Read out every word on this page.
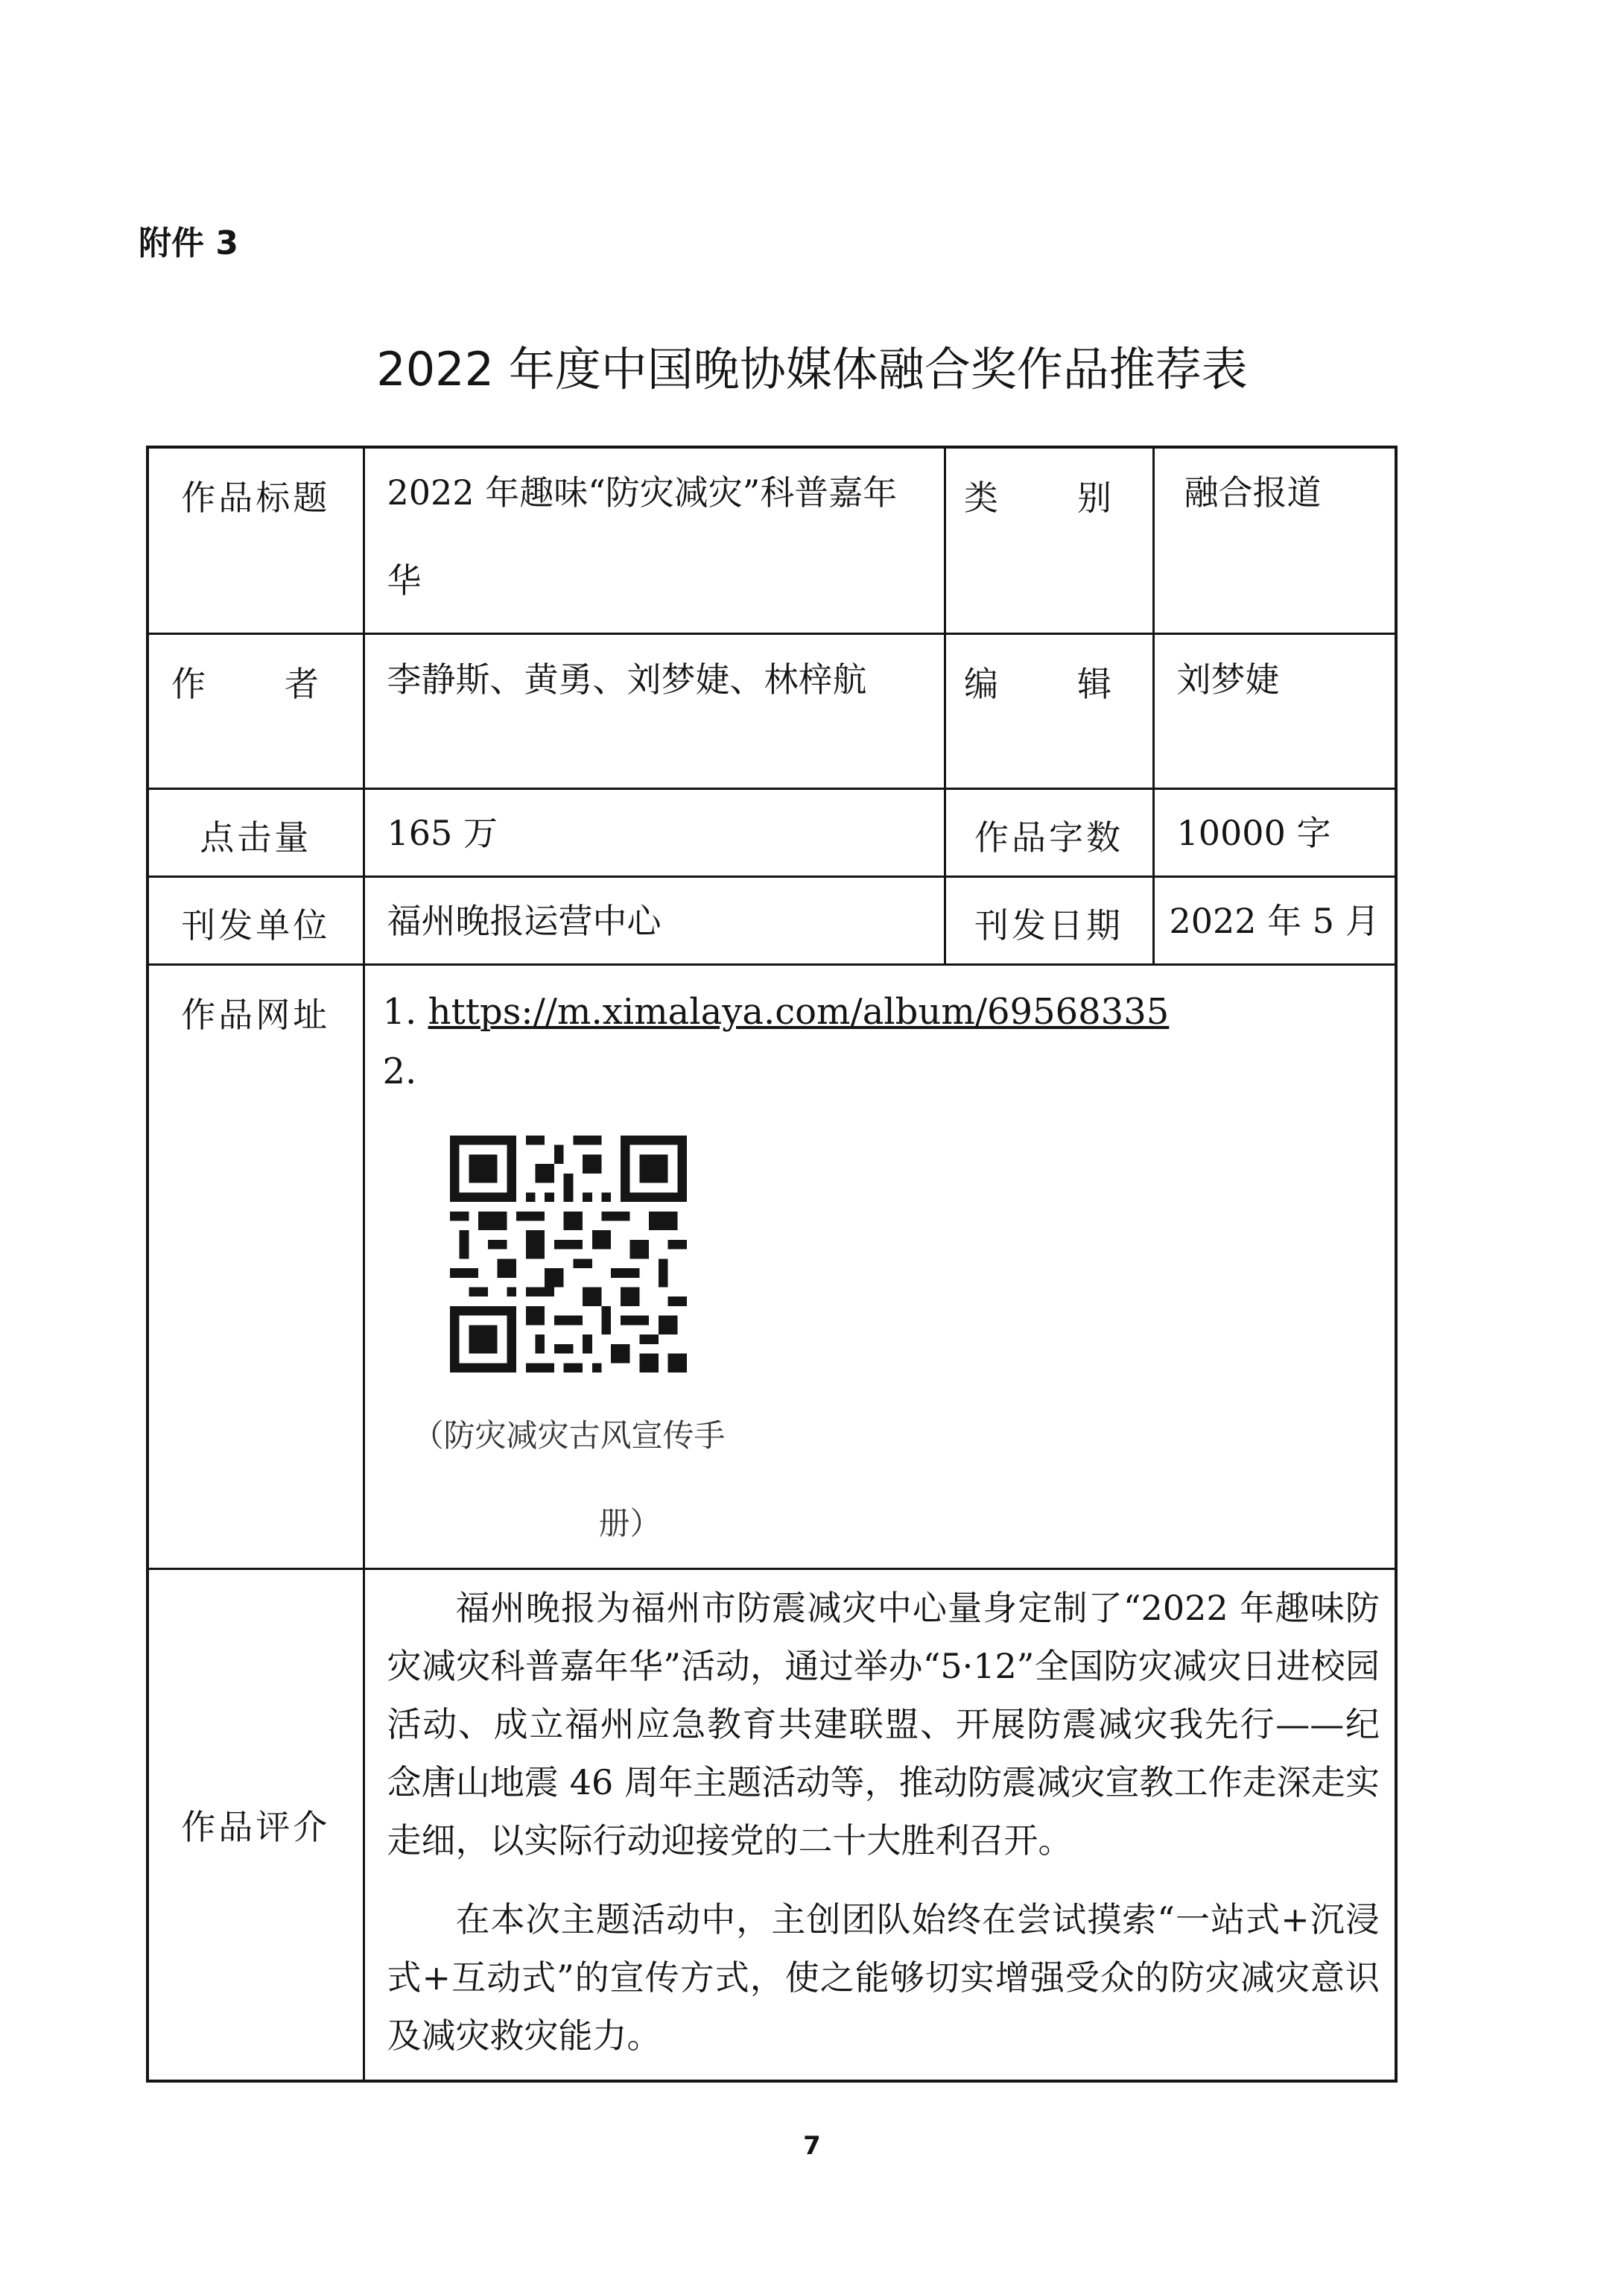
附件 3
2022 年度中国晚协媒体融合奖作品推荐表
作品标题	2022 年趣味“防灾减灾”科普嘉年华	类　别	融合报道
作　者	李静斯、黄勇、刘梦婕、林梓航	编　辑	刘梦婕
点击量	165 万	作品字数	10000 字
刊发单位	福州晚报运营中心	刊发日期	2022 年 5 月
作品网址	1. https://m.ximalaya.com/album/69568335
2.
（防灾减灾古风宣传手
册）		

作品评介	福州晚报为福州市防震减灾中心量身定制了“2022 年趣味防灾减灾科普嘉年华”活动，通过举办“5·12”全国防灾减灾日进校园活动、成立福州应急教育共建联盟、开展防震减灾我先行——纪念唐山地震 46 周年主题活动等，推动防震减灾宣教工作走深走实走细，以实际行动迎接党的二十大胜利召开。

在本次主题活动中，主创团队始终在尝试摸索“一站式+沉浸式+互动式”的宣传方式，使之能够切实增强受众的防灾减灾意识及减灾救灾能力。		

7
